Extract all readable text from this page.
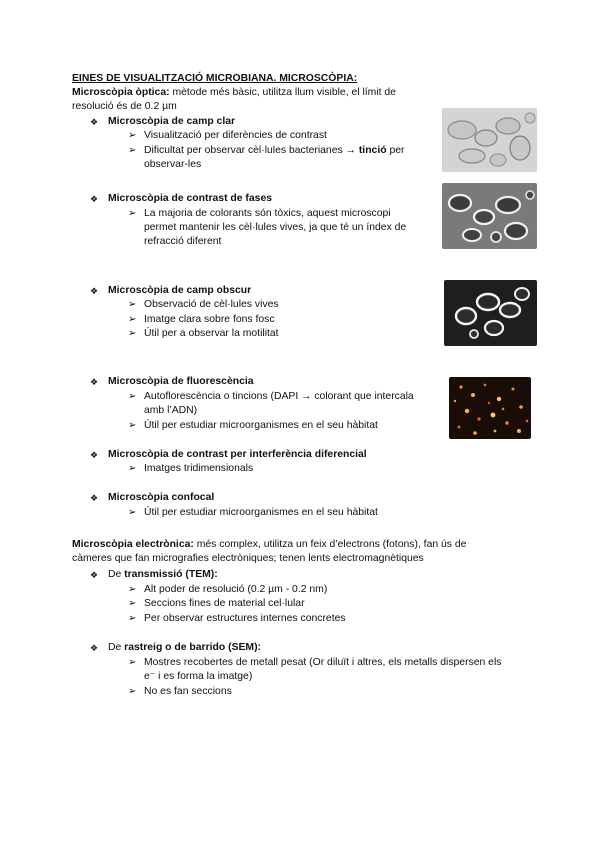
EINES DE VISUALITZACIÓ MICROBIANA. MICROSCÒPIA:
Microscòpia òptica: mètode més bàsic, utilitza llum visible, el límit de
resolució és de 0.2 µm
❖ Microscòpia de camp clar
➢ Visualització per diferències de contrast
➢ Dificultat per observar cèl·lules bacterianes → tinció per
observar-les
❖ Microscòpia de contrast de fases
➢ La majoria de colorants són tòxics, aquest microscopi
permet mantenir les cèl·lules vives, ja que té un índex de
refracció diferent
❖ Microscòpia de camp obscur
➢ Observació de cèl·lules vives
➢ Imatge clara sobre fons fosc
➢ Útil per a observar la motilitat
❖ Microscòpia de fluorescència
➢ Autoflorescència o tincions (DAPI → colorant que intercala
amb l’ADN)
➢ Útil per estudiar microorganismes en el seu hàbitat
❖ Microscòpia de contrast per interferència diferencial
➢ Imatges tridimensionals
❖ Microscòpia confocal
➢ Útil per estudiar microorganismes en el seu hàbitat
Microscòpia electrònica: més complex, utilitza un feix d’electrons (fotons), fan ús de
càmeres que fan micrografies electròniques; tenen lents electromagnètiques
❖ De transmissió (TEM):
➢ Alt poder de resolució (0.2 µm - 0.2 nm)
➢ Seccions fines de material cel·lular
➢ Per observar estructures internes concretes
❖ De rastreig o de barrido (SEM):
➢ Mostres recobertes de metall pesat (Or diluït i altres, els metalls dispersen els
e⁻ i es forma la imatge)
➢ No es fan seccions
